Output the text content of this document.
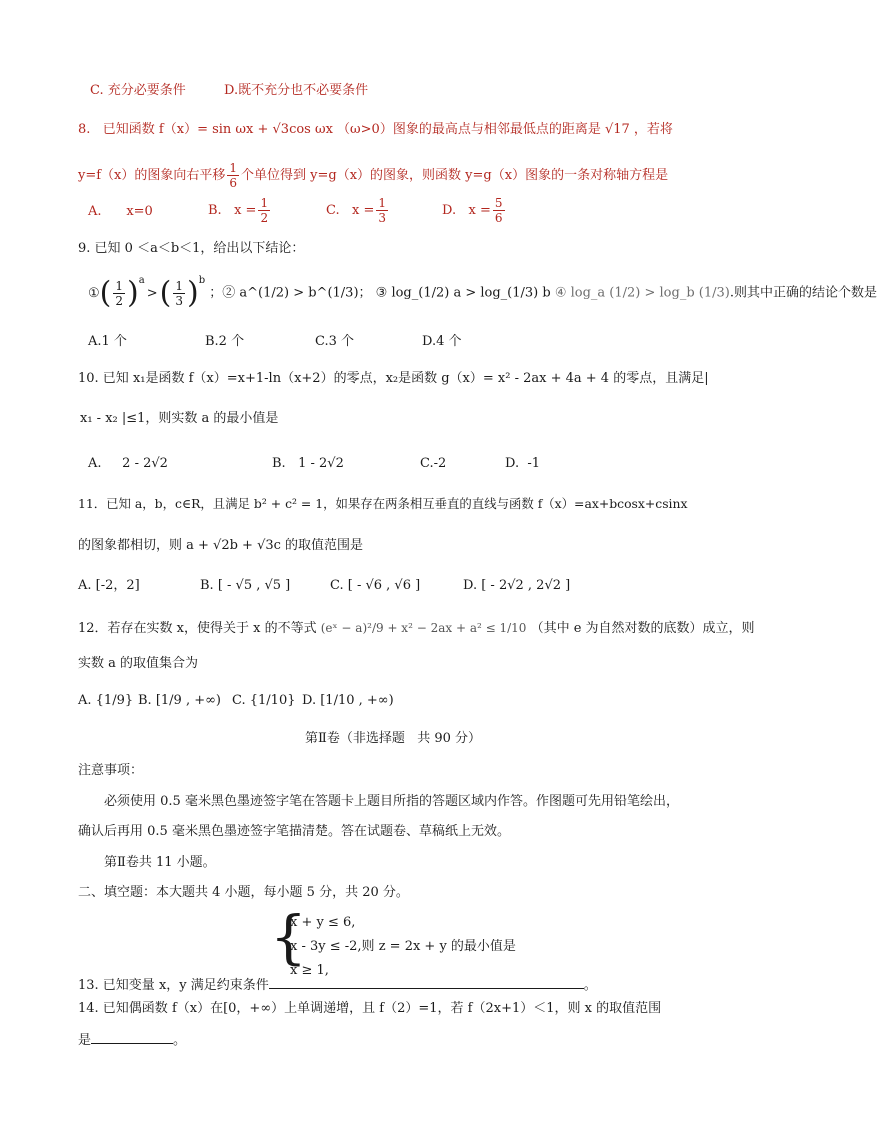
C. 充分必要条件	D.既不充分也不必要条件
8.   已知函数 f（x）= sin ωx + √3cos ωx （ω>0）图象的最高点与相邻最低点的距离是 √17 ，若将
y=f（x）的图象向右平移 $\frac{1}{6}$ 个单位得到 y=g（x）的图象，则函数 y=g（x）图象的一条对称轴方程是
A.      x=0	B.   $x = \frac{1}{2}$	C.   $x = \frac{1}{3}$	D.   $x = \frac{5}{6}$
9. 已知 0 ＜a＜b＜1，给出以下结论：
①( $\frac{1}{2} )^a>( \frac{1}{3} )^b$ ；② a^(1/2) > b^(1/3)； ③ log_(1/2) a > log_(1/3) b ④ log_a (1/2) > log_b (1/3).则其中正确的结论个数是
A.1 个	B.2 个	C.3 个	D.4 个
10. 已知 x₁是函数 f（x）=x+1-ln（x+2）的零点，x₂是函数 g（x）= x² - 2ax + 4a + 4 的零点，且满足|
x₁ - x₂ |≤1，则实数 a 的最小值是
A.     2 - 2√2	B.   1 - 2√2	C.-2	D.  -1
11．已知 a，b，c∈R，且满足 b² + c² = 1，如果存在两条相互垂直的直线与函数 f（x）=ax+bcosx+csinx
的图象都相切，则 a + √2b + √3c 的取值范围是
A. [-2，2]	B. [ - √5 , √5 ]	C. [ - √6 , √6 ]	D. [ - 2√2 , 2√2 ]
12．若存在实数 x，使得关于 x 的不等式 (eˣ − a)²/9 + x² − 2ax + a² ≤ 1/10 （其中 e 为自然对数的底数）成立，则
实数 a 的取值集合为
A. {1/9} B. [1/9 , +∞) C. {1/10} D. [1/10 , +∞)
第Ⅱ卷（非选择题   共 90 分）
注意事项：
必须使用 0.5 毫米黑色墨迹签字笔在答题卡上题目所指的答题区域内作答。作图题可先用铅笔绘出，
确认后再用 0.5 毫米黑色墨迹签字笔描清楚。答在试题卷、草稿纸上无效。
第Ⅱ卷共 11 小题。
二、填空题：本大题共 4 小题，每小题 5 分，共 20 分。
{
x + y ≤ 6,
x - 3y ≤ -2,则 z = 2x + y 的最小值是
x ≥ 1,
13. 已知变量 x，y 满足约束条件	。
14. 已知偶函数 f（x）在[0，+∞）上单调递增，且 f（2）=1，若 f（2x+1）＜1，则 x 的取值范围
是	。
